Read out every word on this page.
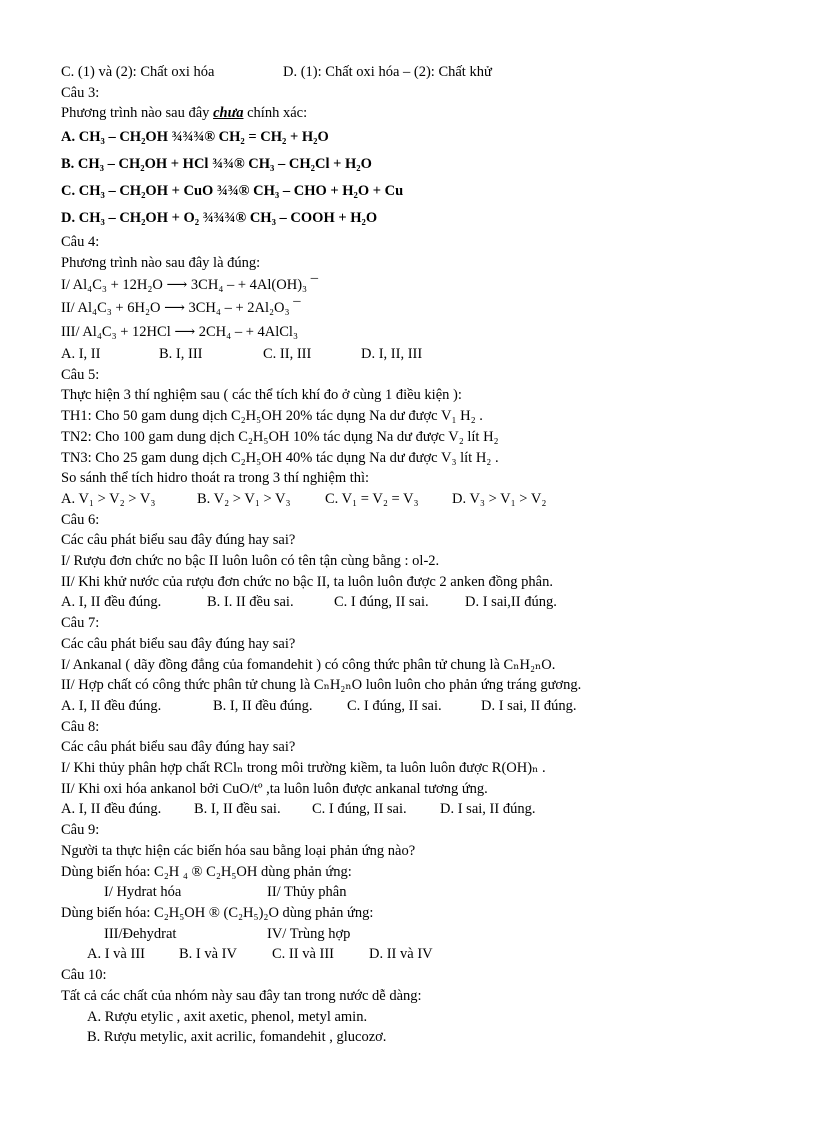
C. (1) và (2): Chất oxi hóa	D. (1): Chất oxi hóa – (2): Chất khử
Câu 3:
Phương trình nào sau đây chưa chính xác:
A. CH₃ – CH₂OH ¾¾¾® CH₂ = CH₂ + H₂O
B. CH₃ – CH₂OH + HCl ¾¾® CH₃ – CH₂Cl + H₂O
C. CH₃ – CH₂OH + CuO ¾¾® CH₃ – CHO + H₂O + Cu
D. CH₃ – CH₂OH + O₂ ¾¾¾® CH₃ – COOH + H₂O
Câu 4:
Phương trình nào sau đây là đúng:
I/ Al₄C₃ + 12H₂O ⟶ 3CH₄ – + 4Al(OH)₃ ¯
II/ Al₄C₃ + 6H₂O ⟶ 3CH₄ – + 2Al₂O₃ ¯
III/ Al₄C₃ + 12HCl ⟶ 2CH₄ – + 4AlCl₃
A. I, II	B. I, III	C. II, III	D. I, II, III
Câu 5:
Thực hiện 3 thí nghiệm sau ( các thể tích khí đo ở cùng 1 điều kiện ):
TH1: Cho 50 gam dung dịch C₂H₅OH 20% tác dụng Na dư được V₁ H₂ .
TN2: Cho 100 gam dung dịch C₂H₅OH 10% tác dụng Na dư được V₂ lít H₂
TN3: Cho 25 gam dung dịch C₂H₅OH 40% tác dụng Na dư được V₃ lít H₂ .
So sánh thể tích hidro thoát ra trong 3 thí nghiệm thì:
A. V₁ > V₂ > V₃	B. V₂ > V₁ > V₃ C. V₁ = V₂ = V₃ D. V₃ > V₁ > V₂
Câu 6:
Các câu phát biểu sau đây đúng hay sai?
I/ Rượu đơn chức no bậc II luôn luôn có tên tận cùng bằng : ol-2.
II/ Khi khử nước của rượu đơn chức no bậc II, ta luôn luôn được 2 anken đồng phân.
A. I, II đều đúng.	B. I. II đều sai.	C. I đúng, II sai.	D. I sai,II đúng.
Câu 7:
Các câu phát biểu sau đây đúng hay sai?
I/ Ankanal ( dãy đồng đẳng của fomandehit ) có công thức phân tử chung là CₙH₂ₙO.
II/ Hợp chất có công thức phân tử chung là CₙH₂ₙO luôn luôn cho phản ứng tráng gương.
A. I, II đều đúng.	B. I, II đều đúng. C. I đúng, II sai.	D. I sai, II đúng.
Câu 8:
Các câu phát biểu sau đây đúng hay sai?
I/ Khi thủy phân hợp chất RClₙ trong môi trường kiềm, ta luôn luôn được R(OH)ₙ .
II/ Khi oxi hóa ankanol bởi CuO/tº ,ta luôn luôn được ankanal tương ứng.
A. I, II đều đúng. B. I, II đều sai. C. I đúng, II sai. D. I sai, II đúng.
Câu 9:
Người ta thực hiện các biến hóa sau bằng loại phản ứng nào?
Dùng biến hóa: C₂H ₄ ® C₂H₅OH dùng phản ứng:
I/ Hydrat hóa	II/ Thủy phân
Dùng biến hóa: C₂H₅OH ® (C₂H₅)₂O dùng phản ứng:
III/Đehydrat	IV/ Trùng hợp
A. I và III B. I và IV C. II và III D. II và IV
Câu 10:
Tất cả các chất của nhóm này sau đây tan trong nước dễ dàng:
A. Rượu etylic , axit axetic, phenol, metyl amin.
B. Rượu metylic, axit acrilic, fomandehit , glucozơ.
